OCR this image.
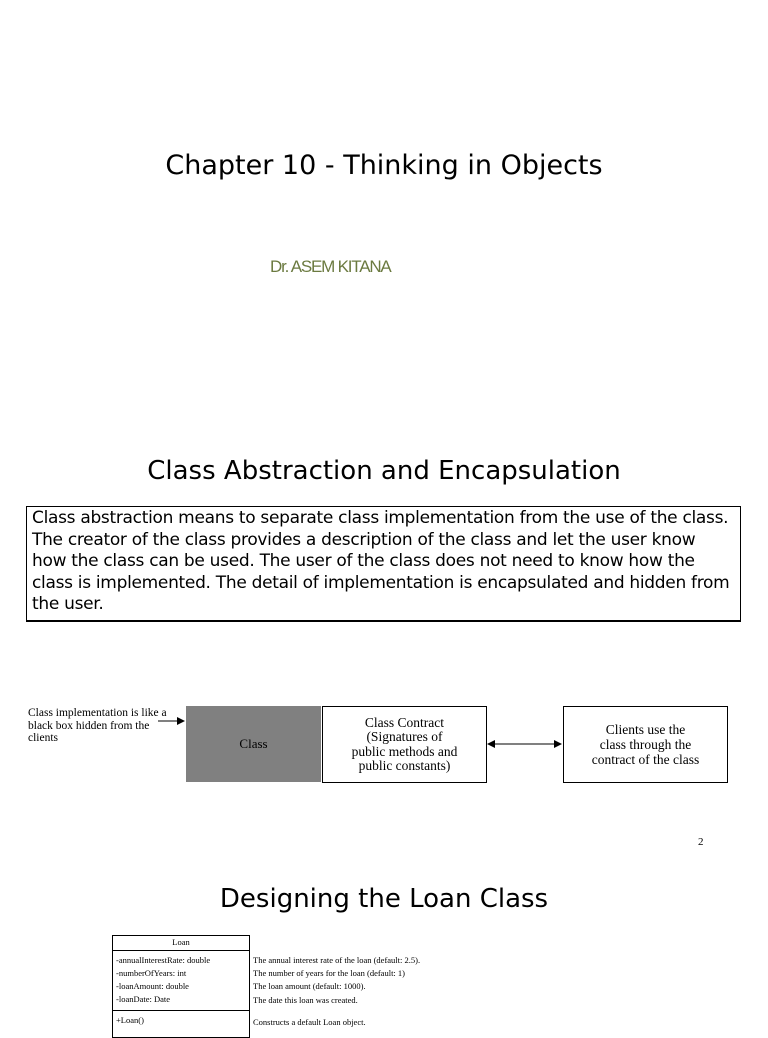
Chapter 10 - Thinking in Objects
Dr. ASEM KITANA
Class Abstraction and Encapsulation
Class abstraction means to separate class implementation from the use of the class. The creator of the class provides a description of the class and let the user know how the class can be used. The user of the class does not need to know how the class is implemented. The detail of implementation is encapsulated and hidden from the user.
Class implementation is like a black box hidden from the clients	Class
Class Contract
(Signatures of
public methods and
public constants)
Clients use the
class through the
contract of the class
2
Designing the Loan Class
Loan
-annualInterestRate: double
-numberOfYears: int
-loanAmount: double
-loanDate: Date
+Loan()
The annual interest rate of the loan (default: 2.5).
The number of years for the loan (default: 1)
The loan amount (default: 1000).
The date this loan was created.
Constructs a default Loan object.
